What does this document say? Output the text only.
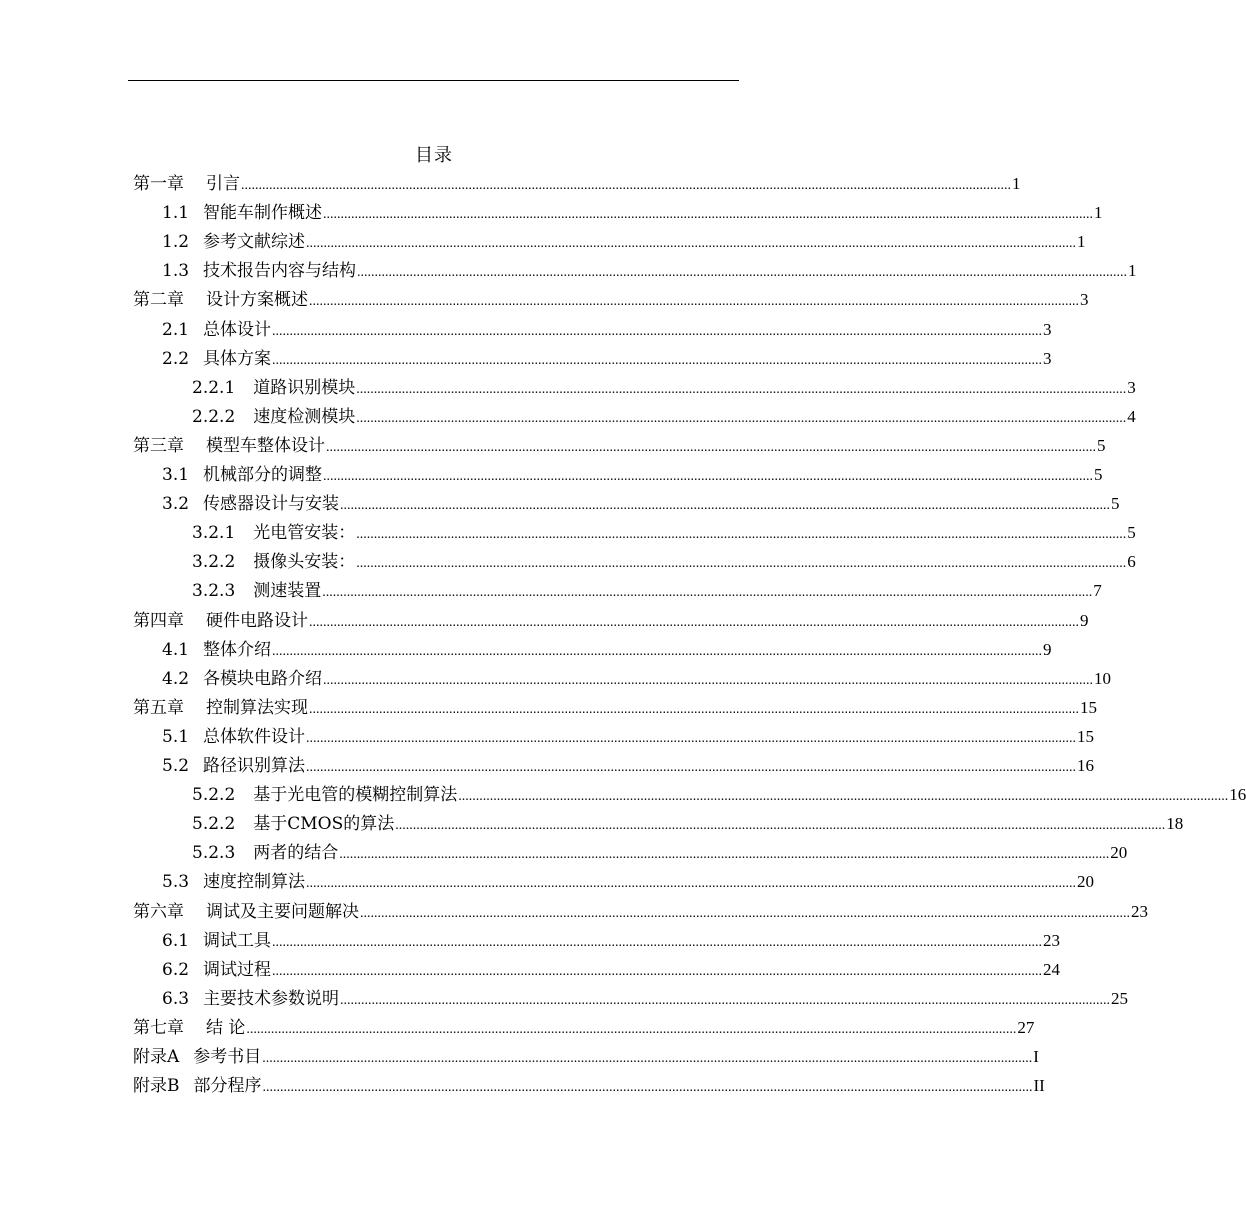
目录
第一章 引言 ............................................................................................................................................................................................................................ 1
1.1 智能车制作概述 ............................................................................................................................................................................................................................ 1
1.2 参考文献综述 ............................................................................................................................................................................................................................ 1
1.3 技术报告内容与结构 ............................................................................................................................................................................................................................ 1
第二章 设计方案概述 ............................................................................................................................................................................................................................ 3
2.1 总体设计 ............................................................................................................................................................................................................................ 3
2.2 具体方案 ............................................................................................................................................................................................................................ 3
2.2.1 道路识别模块 ............................................................................................................................................................................................................................ 3
2.2.2 速度检测模块 ............................................................................................................................................................................................................................ 4
第三章 模型车整体设计 ............................................................................................................................................................................................................................ 5
3.1 机械部分的调整 ............................................................................................................................................................................................................................ 5
3.2 传感器设计与安装 ............................................................................................................................................................................................................................ 5
3.2.1 光电管安装： ............................................................................................................................................................................................................................ 5
3.2.2 摄像头安装： ............................................................................................................................................................................................................................ 6
3.2.3 测速装置 ............................................................................................................................................................................................................................ 7
第四章 硬件电路设计 ............................................................................................................................................................................................................................ 9
4.1 整体介绍 ............................................................................................................................................................................................................................ 9
4.2 各模块电路介绍 ............................................................................................................................................................................................................................ 10
第五章 控制算法实现 ............................................................................................................................................................................................................................ 15
5.1 总体软件设计 ............................................................................................................................................................................................................................ 15
5.2 路径识别算法 ............................................................................................................................................................................................................................ 16
5.2.2 基于光电管的模糊控制算法 ............................................................................................................................................................................................................................ 16
5.2.2 基于CMOS的算法 ............................................................................................................................................................................................................................ 18
5.2.3 两者的结合 ............................................................................................................................................................................................................................ 20
5.3 速度控制算法 ............................................................................................................................................................................................................................ 20
第六章 调试及主要问题解决 ............................................................................................................................................................................................................................ 23
6.1 调试工具 ............................................................................................................................................................................................................................ 23
6.2 调试过程 ............................................................................................................................................................................................................................ 24
6.3 主要技术参数说明 ............................................................................................................................................................................................................................ 25
第七章 结 论 ............................................................................................................................................................................................................................ 27
附录A 参考书目 ............................................................................................................................................................................................................................ I
附录B 部分程序 ............................................................................................................................................................................................................................ II
